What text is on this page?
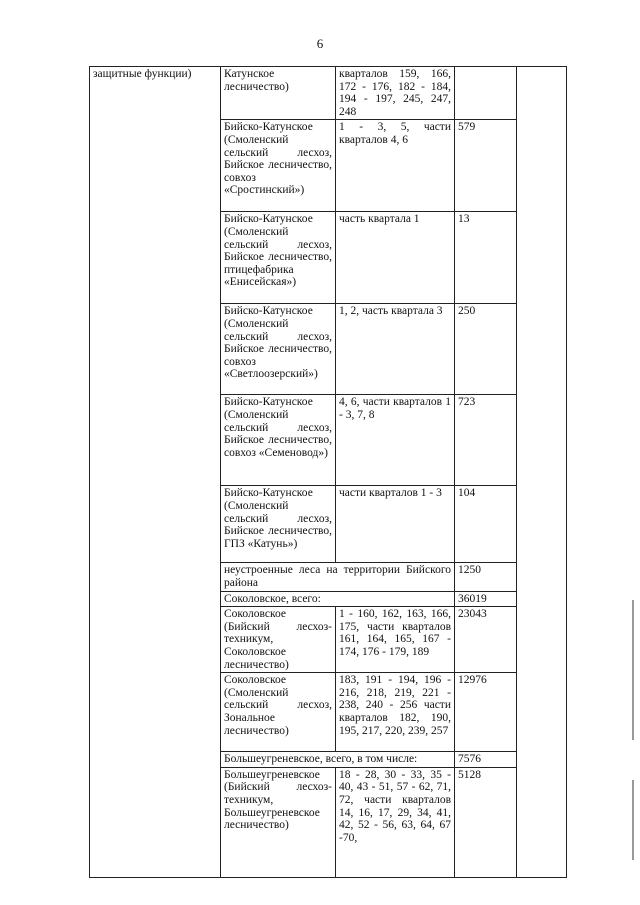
6
защитные функции)	Катунское лесничество)	кварталов 159, 166, 172 - 176, 182 - 184, 194 - 197, 245, 247, 248		
	Бийско-Катунское (Смоленский сельский лесхоз, Бийское лесничество, совхоз «Сростинский»)	1 - 3, 5, части кварталов 4, 6	579	
	Бийско-Катунское (Смоленский сельский лесхоз, Бийское лесничество, птицефабрика «Енисейская»)	часть квартала 1	13	
	Бийско-Катунское (Смоленский сельский лесхоз, Бийское лесничество, совхоз «Светлоозерский»)	1, 2, часть квартала 3	250	
	Бийско-Катунское (Смоленский сельский лесхоз, Бийское лесничество, совхоз «Семеновод»)	4, 6, части кварталов 1 - 3, 7, 8	723	
	Бийско-Катунское (Смоленский сельский лесхоз, Бийское лесничество, ГПЗ «Катунь»)	части кварталов 1 - 3	104	
	неустроенные леса на территории Бийского района		1250	
	Соколовское, всего:		36019	
	Соколовское (Бийский лесхоз-техникум, Соколовское лесничество)	1 - 160, 162, 163, 166, 175, части кварталов 161, 164, 165, 167 - 174, 176 - 179, 189	23043	
	Соколовское (Смоленский сельский лесхоз, Зональное лесничество)	183, 191 - 194, 196 - 216, 218, 219, 221 - 238, 240 - 256 части кварталов 182, 190, 195, 217, 220, 239, 257	12976	
	Большеугреневское, всего, в том числе:		7576	
	Большеугреневское (Бийский лесхоз-техникум, Большеугреневское лесничество)	18 - 28, 30 - 33, 35 - 40, 43 - 51, 57 - 62, 71, 72, части кварталов 14, 16, 17, 29, 34, 41, 42, 52 - 56, 63, 64, 67 -70,	5128	
